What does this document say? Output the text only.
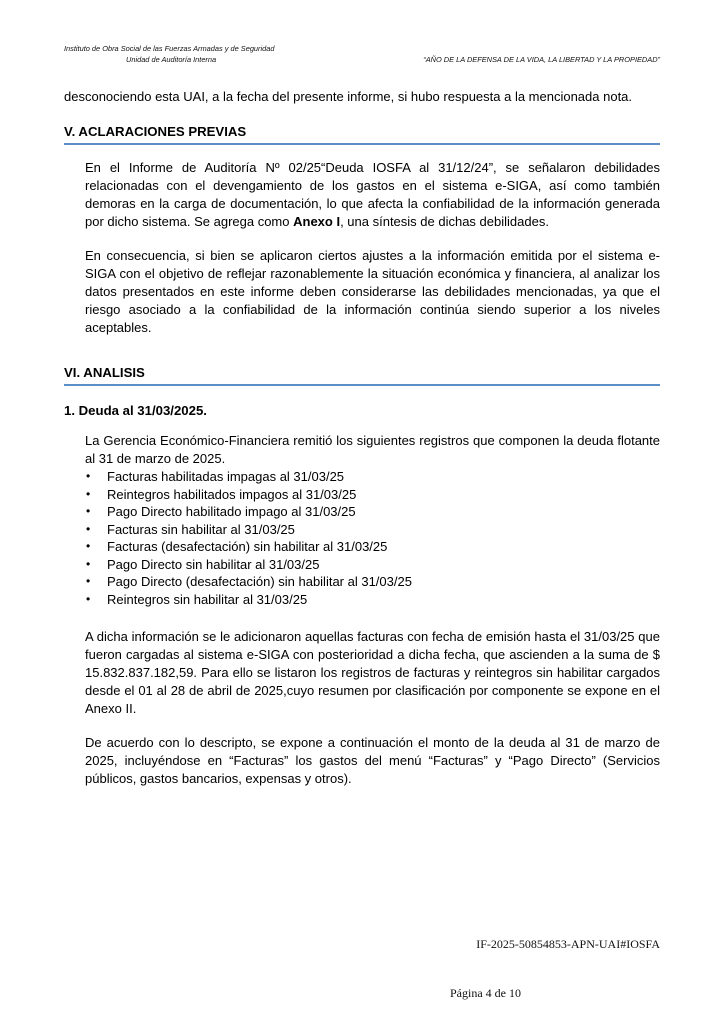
Instituto de Obra Social de las Fuerzas Armadas y de Seguridad
Unidad de Auditoría Interna	“AÑO DE LA DEFENSA DE LA VIDA, LA LIBERTAD Y LA PROPIEDAD”

desconociendo esta UAI, a la fecha del presente informe, si hubo respuesta a la mencionada nota.

V. ACLARACIONES PREVIAS

En el Informe de Auditoría Nº 02/25“Deuda IOSFA al 31/12/24”, se señalaron debilidades relacionadas con el devengamiento de los gastos en el sistema e-SIGA, así como también demoras en la carga de documentación, lo que afecta la confiabilidad de la información generada por dicho sistema. Se agrega como Anexo I, una síntesis de dichas debilidades.

En consecuencia, si bien se aplicaron ciertos ajustes a la información emitida por el sistema e-SIGA con el objetivo de reflejar razonablemente la situación económica y financiera, al analizar los datos presentados en este informe deben considerarse las debilidades mencionadas, ya que el riesgo asociado a la confiabilidad de la información continúa siendo superior a los niveles aceptables.

VI. ANALISIS
1. Deuda al 31/03/2025.

La Gerencia Económico-Financiera remitió los siguientes registros que componen la deuda flotante al 31 de marzo de 2025.

• Facturas habilitadas impagas al 31/03/25
• Reintegros habilitados impagos al 31/03/25
• Pago Directo habilitado impago al 31/03/25
• Facturas sin habilitar al 31/03/25
• Facturas (desafectación) sin habilitar al 31/03/25
• Pago Directo sin habilitar al 31/03/25
• Pago Directo (desafectación) sin habilitar al 31/03/25
• Reintegros sin habilitar al 31/03/25

A dicha información se le adicionaron aquellas facturas con fecha de emisión hasta el 31/03/25 que fueron cargadas al sistema e-SIGA con posterioridad a dicha fecha, que ascienden a la suma de $ 15.832.837.182,59. Para ello se listaron los registros de facturas y reintegros sin habilitar cargados desde el 01 al 28 de abril de 2025,cuyo resumen por clasificación por componente se expone en el Anexo II.

De acuerdo con lo descripto, se expone a continuación el monto de la deuda al 31 de marzo de 2025, incluyéndose en “Facturas” los gastos del menú “Facturas” y “Pago Directo” (Servicios públicos, gastos bancarios, expensas y otros).

IF-2025-50854853-APN-UAI#IOSFA
Página 4 de 10
